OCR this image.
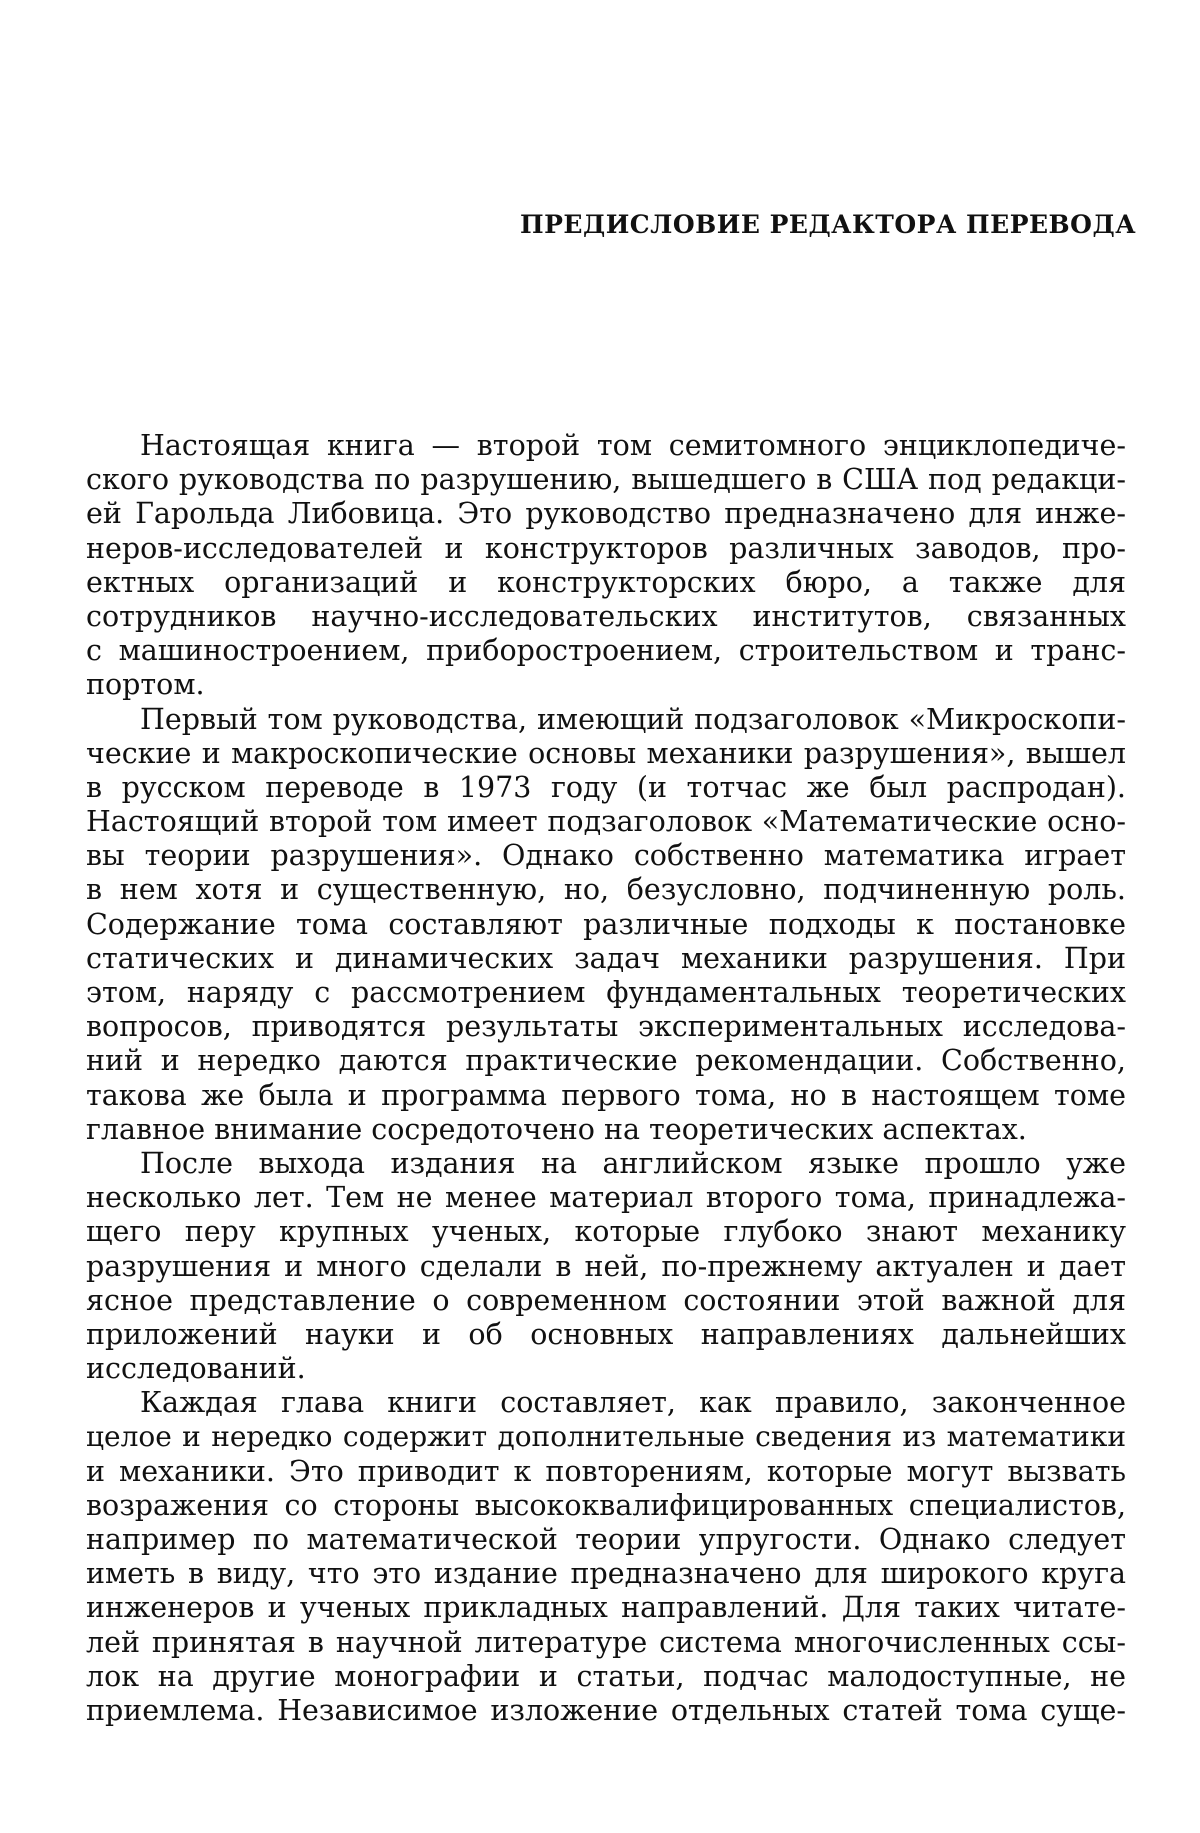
ПРЕДИСЛОВИЕ РЕДАКТОРА ПЕРЕВОДА
Настоящая книга — второй том семитомного энциклопедиче-
ского руководства по разрушению, вышедшего в США под редакци-
ей Гарольда Либовица. Это руководство предназначено для инже-
неров-исследователей и конструкторов различных заводов, про-
ектных организаций и конструкторских бюро, а также для
сотрудников научно-исследовательских институтов, связанных
с машиностроением, приборостроением, строительством и транс-
портом.
Первый том руководства, имеющий подзаголовок «Микроскопи-
ческие и макроскопические основы механики разрушения», вышел
в русском переводе в 1973 году (и тотчас же был распродан).
Настоящий второй том имеет подзаголовок «Математические осно-
вы теории разрушения». Однако собственно математика играет
в нем хотя и существенную, но, безусловно, подчиненную роль.
Содержание тома составляют различные подходы к постановке
статических и динамических задач механики разрушения. При
этом, наряду с рассмотрением фундаментальных теоретических
вопросов, приводятся результаты экспериментальных исследова-
ний и нередко даются практические рекомендации. Собственно,
такова же была и программа первого тома, но в настоящем томе
главное внимание сосредоточено на теоретических аспектах.
После выхода издания на английском языке прошло уже
несколько лет. Тем не менее материал второго тома, принадлежа-
щего перу крупных ученых, которые глубоко знают механику
разрушения и много сделали в ней, по-прежнему актуален и дает
ясное представление о современном состоянии этой важной для
приложений науки и об основных направлениях дальнейших
исследований.
Каждая глава книги составляет, как правило, законченное
целое и нередко содержит дополнительные сведения из математики
и механики. Это приводит к повторениям, которые могут вызвать
возражения со стороны высококвалифицированных специалистов,
например по математической теории упругости. Однако следует
иметь в виду, что это издание предназначено для широкого круга
инженеров и ученых прикладных направлений. Для таких читате-
лей принятая в научной литературе система многочисленных ссы-
лок на другие монографии и статьи, подчас малодоступные, не
приемлема. Независимое изложение отдельных статей тома суще-
